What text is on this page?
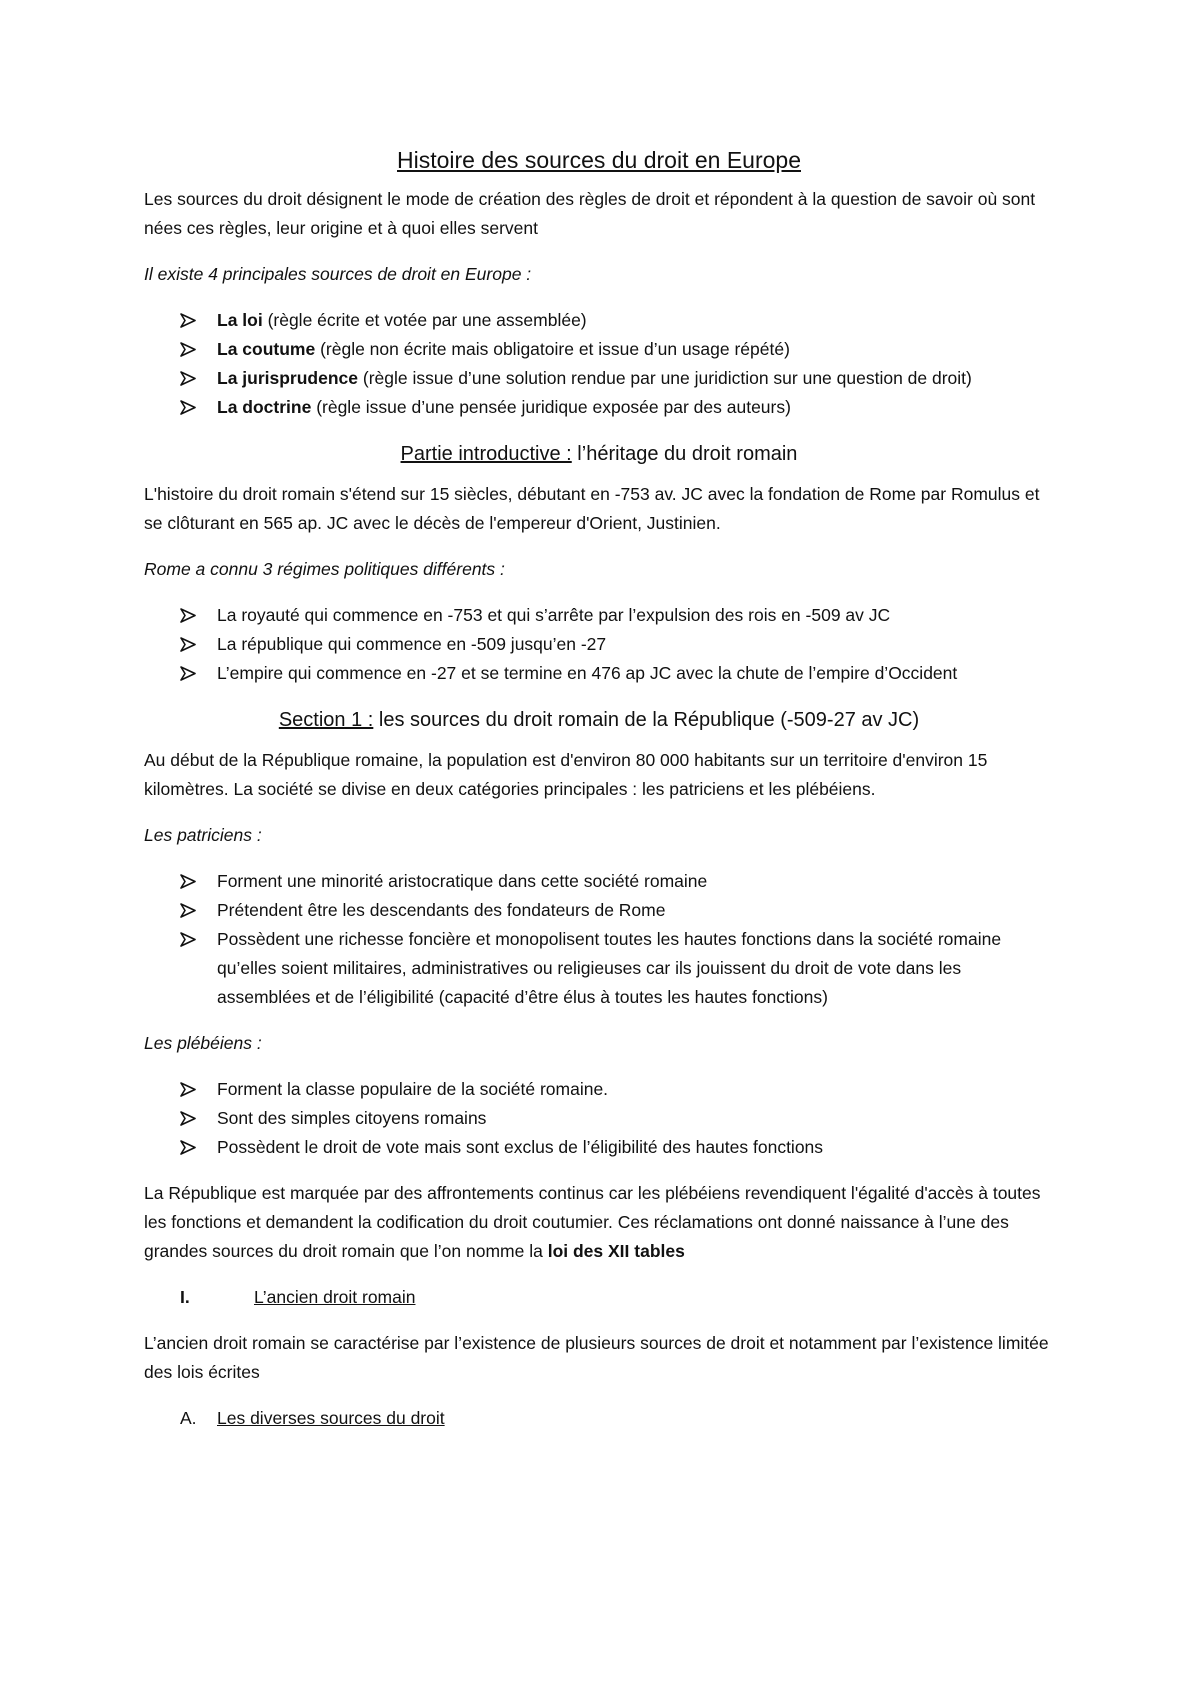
Histoire des sources du droit en Europe

Les sources du droit désignent le mode de création des règles de droit et répondent à la question de savoir où sont nées ces règles, leur origine et à quoi elles servent

Il existe 4 principales sources de droit en Europe :

La loi (règle écrite et votée par une assemblée)
La coutume (règle non écrite mais obligatoire et issue d’un usage répété)
La jurisprudence (règle issue d’une solution rendue par une juridiction sur une question de droit)
La doctrine (règle issue d’une pensée juridique exposée par des auteurs)
Partie introductive : l’héritage du droit romain

L'histoire du droit romain s'étend sur 15 siècles, débutant en -753 av. JC avec la fondation de Rome par Romulus et se clôturant en 565 ap. JC avec le décès de l'empereur d'Orient, Justinien.

Rome a connu 3 régimes politiques différents :

La royauté qui commence en -753 et qui s’arrête par l’expulsion des rois en -509 av JC
La république qui commence en -509 jusqu’en -27
L’empire qui commence en -27 et se termine en 476 ap JC avec la chute de l’empire d’Occident
Section 1 : les sources du droit romain de la République (-509-27 av JC)

Au début de la République romaine, la population est d'environ 80 000 habitants sur un territoire d'environ 15 kilomètres. La société se divise en deux catégories principales : les patriciens et les plébéiens.

Les patriciens :

Forment une minorité aristocratique dans cette société romaine
Prétendent être les descendants des fondateurs de Rome
Possèdent une richesse foncière et monopolisent toutes les hautes fonctions dans la société romaine qu’elles soient militaires, administratives ou religieuses car ils jouissent du droit de vote dans les assemblées et de l’éligibilité (capacité d’être élus à toutes les hautes fonctions)

Les plébéiens :

Forment la classe populaire de la société romaine.
Sont des simples citoyens romains
Possèdent le droit de vote mais sont exclus de l’éligibilité des hautes fonctions

La République est marquée par des affrontements continus car les plébéiens revendiquent l'égalité d'accès à toutes les fonctions et demandent la codification du droit coutumier. Ces réclamations ont donné naissance à l’une des grandes sources du droit romain que l’on nomme la loi des XII tables

I.	L’ancien droit romain

L’ancien droit romain se caractérise par l’existence de plusieurs sources de droit et notamment par l’existence limitée des lois écrites

A. Les diverses sources du droit
